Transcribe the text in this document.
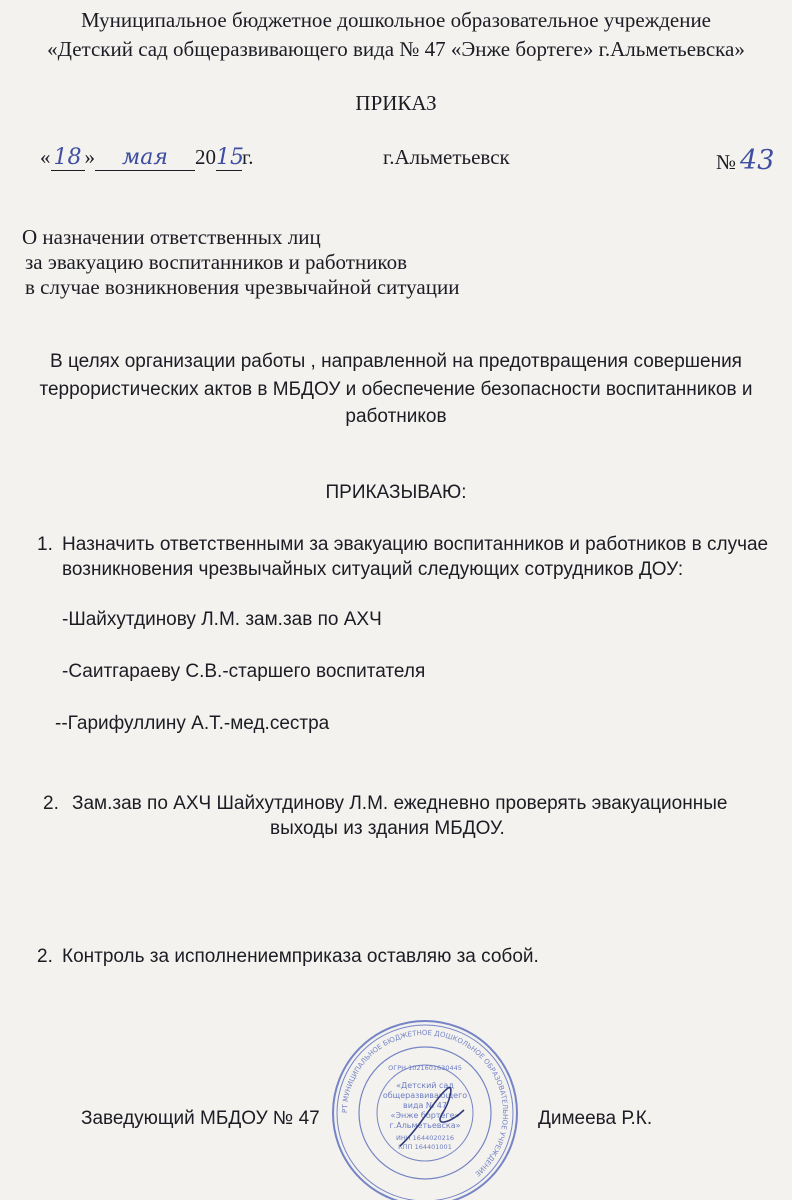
Муниципальное бюджетное дошкольное образовательное учреждение
«Детский сад общеразвивающего вида № 47 «Энже бортеге» г.Альметьевска»
ПРИКАЗ
« 18 » мая 2015г.	г.Альметьевск	№ 43
О назначении ответственных лиц
за эвакуацию воспитанников и работников
в случае возникновения чрезвычайной ситуации
В целях организации работы , направленной на предотвращения совершения
террористических актов в МБДОУ и обеспечение безопасности воспитанников и
работников
ПРИКАЗЫВАЮ:
1. Назначить ответственными за эвакуацию воспитанников и работников в случае
возникновения чрезвычайных ситуаций следующих сотрудников ДОУ:
-Шайхутдинову Л.М. зам.зав по АХЧ
-Саитгараеву С.В.-старшего воспитателя
--Гарифуллину А.Т.-мед.сестра
2. Зам.зав по АХЧ Шайхутдинову Л.М. ежедневно проверять эвакуационные
выходы из здания МБДОУ.
2. Контроль за исполнениемприказа оставляю за собой.
Заведующий МБДОУ № 47	Димеева Р.К.
РТ МУНИЦИПАЛЬНОЕ БЮДЖЕТНОЕ ДОШКОЛЬНОЕ ОБРАЗОВАТЕЛЬНОЕ УЧРЕЖДЕНИЕ
«Детский сад
общеразвивающего
вида № 47
«Энже бортеге»
г.Альметьевска»
ИНН 1644020216
КПП 164401001
ОГРН 1021601630445
